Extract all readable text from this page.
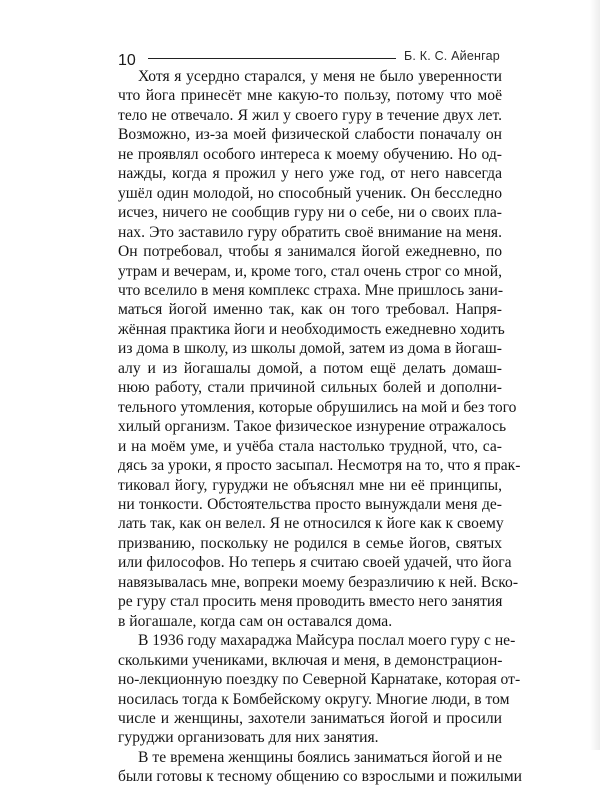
10	Б. К. С. Айенгар
Хотя я усердно старался, у меня не было уверенности
что йога принесёт мне какую-то пользу, потому что моё
тело не отвечало. Я жил у своего гуру в течение двух лет.
Возможно, из-за моей физической слабости поначалу он
не проявлял особого интереса к моему обучению. Но од-
нажды, когда я прожил у него уже год, от него навсегда
ушёл один молодой, но способный ученик. Он бесследно
исчез, ничего не сообщив гуру ни о себе, ни о своих пла-
нах. Это заставило гуру обратить своё внимание на меня.
Он потребовал, чтобы я занимался йогой ежедневно, по
утрам и вечерам, и, кроме того, стал очень строг со мной,
что вселило в меня комплекс страха. Мне пришлось зани-
маться йогой именно так, как он того требовал. Напря-
жённая практика йоги и необходимость ежедневно ходить
из дома в школу, из школы домой, затем из дома в йогаш-
алу и из йогашалы домой, а потом ещё делать домаш-
нюю работу, стали причиной сильных болей и дополни-
тельного утомления, которые обрушились на мой и без того
хилый организм. Такое физическое изнурение отражалось
и на моём уме, и учёба стала настолько трудной, что, са-
дясь за уроки, я просто засыпал. Несмотря на то, что я прак-
тиковал йогу, гуруджи не объяснял мне ни её принципы,
ни тонкости. Обстоятельства просто вынуждали меня де-
лать так, как он велел. Я не относился к йоге как к своему
призванию, поскольку не родился в семье йогов, святых
или философов. Но теперь я считаю своей удачей, что йога
навязывалась мне, вопреки моему безразличию к ней. Вско-
ре гуру стал просить меня проводить вместо него занятия
в йогашале, когда сам он оставался дома.
В 1936 году махараджа Майсура послал моего гуру с не-
сколькими учениками, включая и меня, в демонстрацион-
но-лекционную поездку по Северной Карнатаке, которая от-
носилась тогда к Бомбейскому округу. Многие люди, в том
числе и женщины, захотели заниматься йогой и просили
гуруджи организовать для них занятия.
В те времена женщины боялись заниматься йогой и не
были готовы к тесному общению со взрослыми и пожилыми
